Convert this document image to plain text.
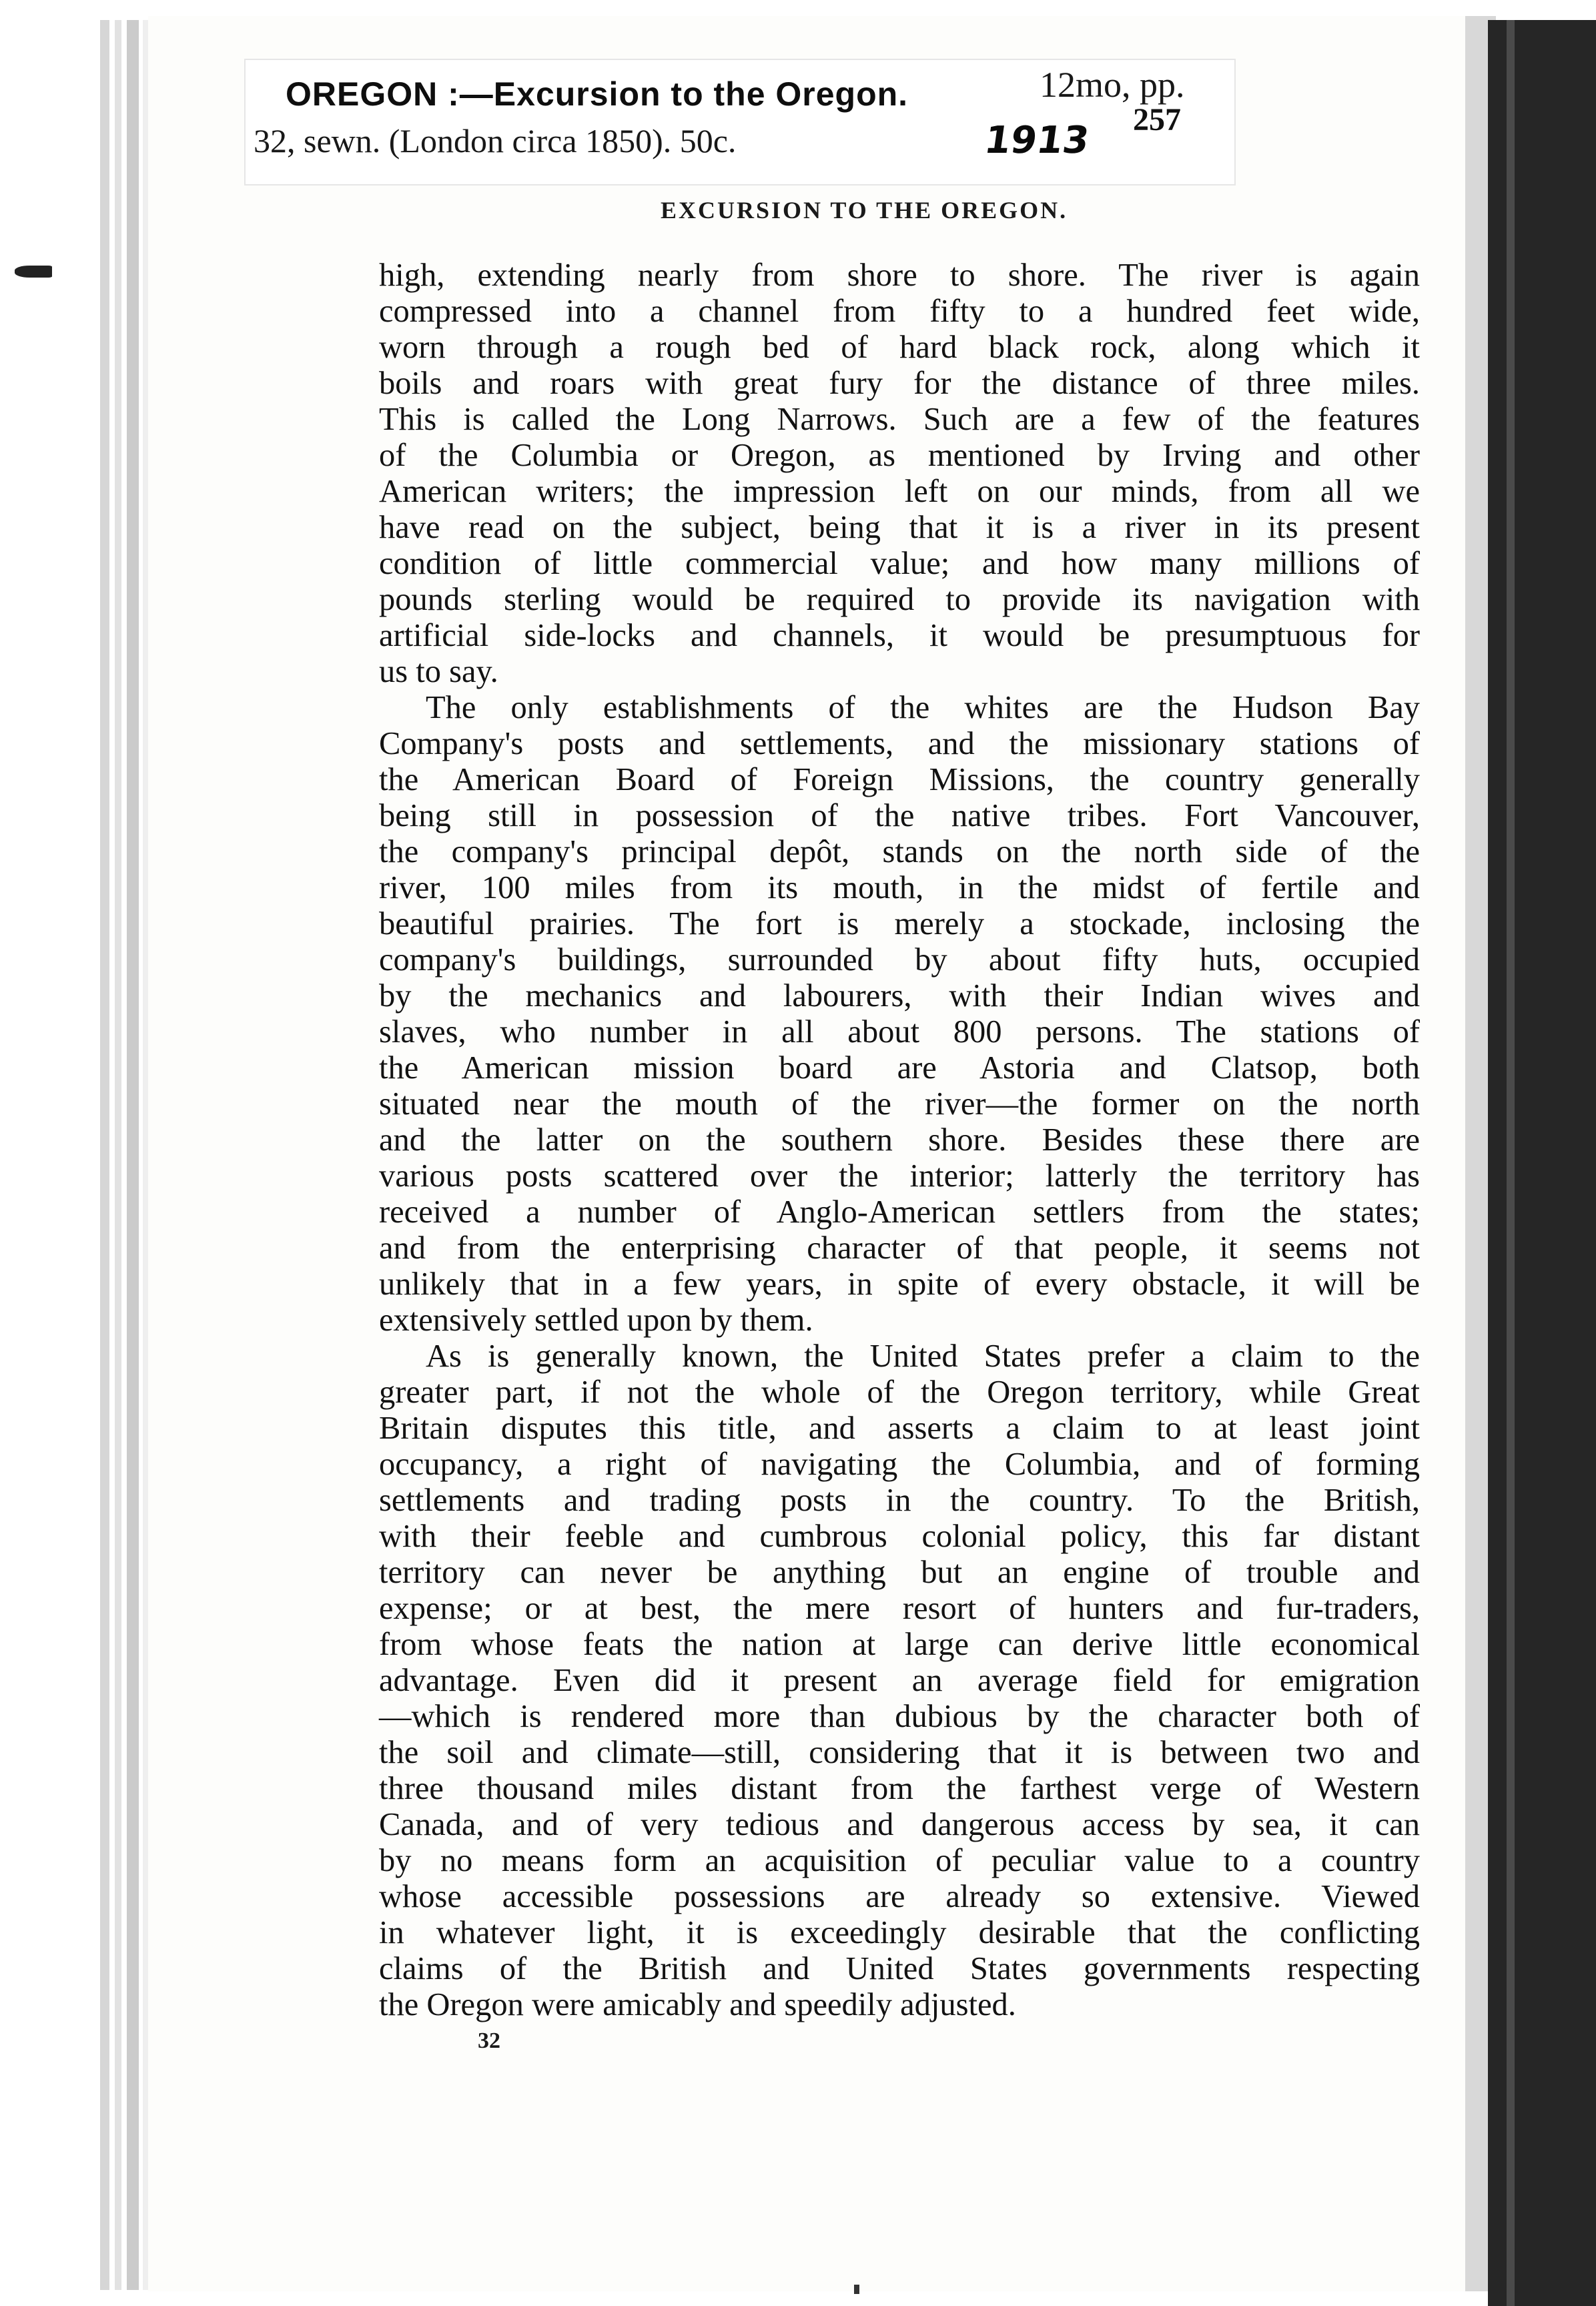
OREGON :—Excursion to the Oregon.	12mo, pp.
32, sewn. (London circa 1850). 50c.	1913 257
EXCURSION TO THE OREGON.
high, extending nearly from shore to shore. The river is again
compressed into a channel from fifty to a hundred feet wide,
worn through a rough bed of hard black rock, along which it
boils and roars with great fury for the distance of three miles.
This is called the Long Narrows. Such are a few of the features
of the Columbia or Oregon, as mentioned by Irving and other
American writers; the impression left on our minds, from all we
have read on the subject, being that it is a river in its present
condition of little commercial value; and how many millions of
pounds sterling would be required to provide its navigation with
artificial side-locks and channels, it would be presumptuous for
us to say.
The only establishments of the whites are the Hudson Bay
Company's posts and settlements, and the missionary stations of
the American Board of Foreign Missions, the country generally
being still in possession of the native tribes. Fort Vancouver,
the company's principal depôt, stands on the north side of the
river, 100 miles from its mouth, in the midst of fertile and
beautiful prairies. The fort is merely a stockade, inclosing the
company's buildings, surrounded by about fifty huts, occupied
by the mechanics and labourers, with their Indian wives and
slaves, who number in all about 800 persons. The stations of
the American mission board are Astoria and Clatsop, both
situated near the mouth of the river—the former on the north
and the latter on the southern shore. Besides these there are
various posts scattered over the interior; latterly the territory has
received a number of Anglo-American settlers from the states;
and from the enterprising character of that people, it seems not
unlikely that in a few years, in spite of every obstacle, it will be
extensively settled upon by them.
As is generally known, the United States prefer a claim to the
greater part, if not the whole of the Oregon territory, while Great
Britain disputes this title, and asserts a claim to at least joint
occupancy, a right of navigating the Columbia, and of forming
settlements and trading posts in the country. To the British,
with their feeble and cumbrous colonial policy, this far distant
territory can never be anything but an engine of trouble and
expense; or at best, the mere resort of hunters and fur-traders,
from whose feats the nation at large can derive little economical
advantage. Even did it present an average field for emigration
—which is rendered more than dubious by the character both of
the soil and climate—still, considering that it is between two and
three thousand miles distant from the farthest verge of Western
Canada, and of very tedious and dangerous access by sea, it can
by no means form an acquisition of peculiar value to a country
whose accessible possessions are already so extensive. Viewed
in whatever light, it is exceedingly desirable that the conflicting
claims of the British and United States governments respecting
the Oregon were amicably and speedily adjusted.
32
